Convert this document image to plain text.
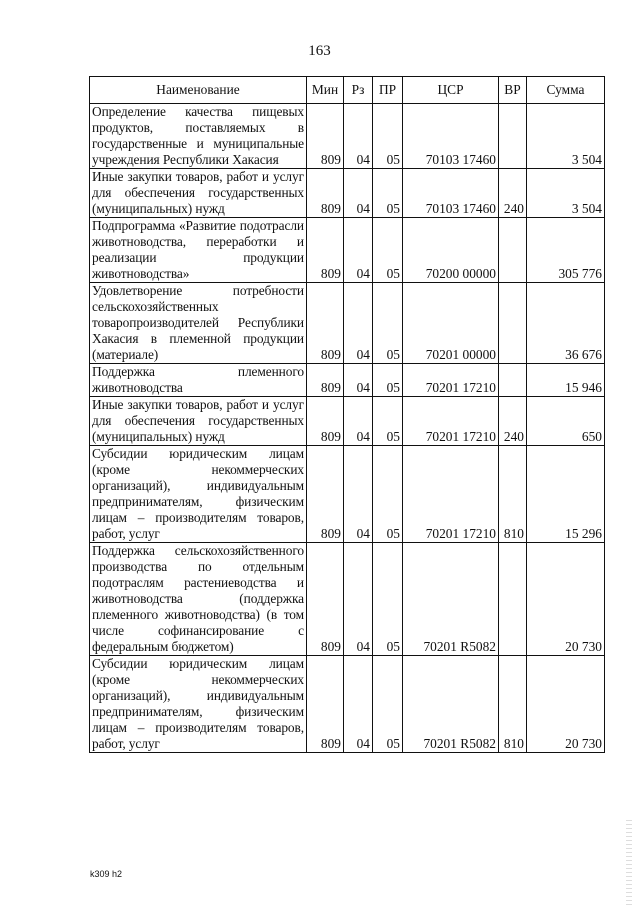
163
Наименование	Мин	Рз	ПР	ЦСР	ВР	Сумма
Определение качества пищевых продуктов, поставляемых в государственные и муниципальные учреждения Республики Хакасия	809	04	05	70103 17460		3 504
Иные закупки товаров, работ и услуг для обеспечения государственных (муниципальных) нужд	809	04	05	70103 17460	240	3 504
Подпрограмма «Развитие подотрасли животноводства, переработки и реализации продукции животноводства»	809	04	05	70200 00000		305 776
Удовлетворение потребности сельскохозяйственных товаропроизводителей Республики Хакасия в племенной продукции (материале)	809	04	05	70201 00000		36 676
Поддержка племенного животноводства	809	04	05	70201 17210		15 946
Иные закупки товаров, работ и услуг для обеспечения государственных (муниципальных) нужд	809	04	05	70201 17210	240	650
Субсидии юридическим лицам (кроме некоммерческих организаций), индивидуальным предпринимателям, физическим лицам – производителям товаров, работ, услуг	809	04	05	70201 17210	810	15 296
Поддержка сельскохозяйственного производства по отдельным подотраслям растениеводства и животноводства (поддержка племенного животноводства) (в том числе софинансирование с федеральным бюджетом)	809	04	05	70201 R5082		20 730
Субсидии юридическим лицам (кроме некоммерческих организаций), индивидуальным предпринимателям, физическим лицам – производителям товаров, работ, услуг	809	04	05	70201 R5082	810	20 730
k309 h2
